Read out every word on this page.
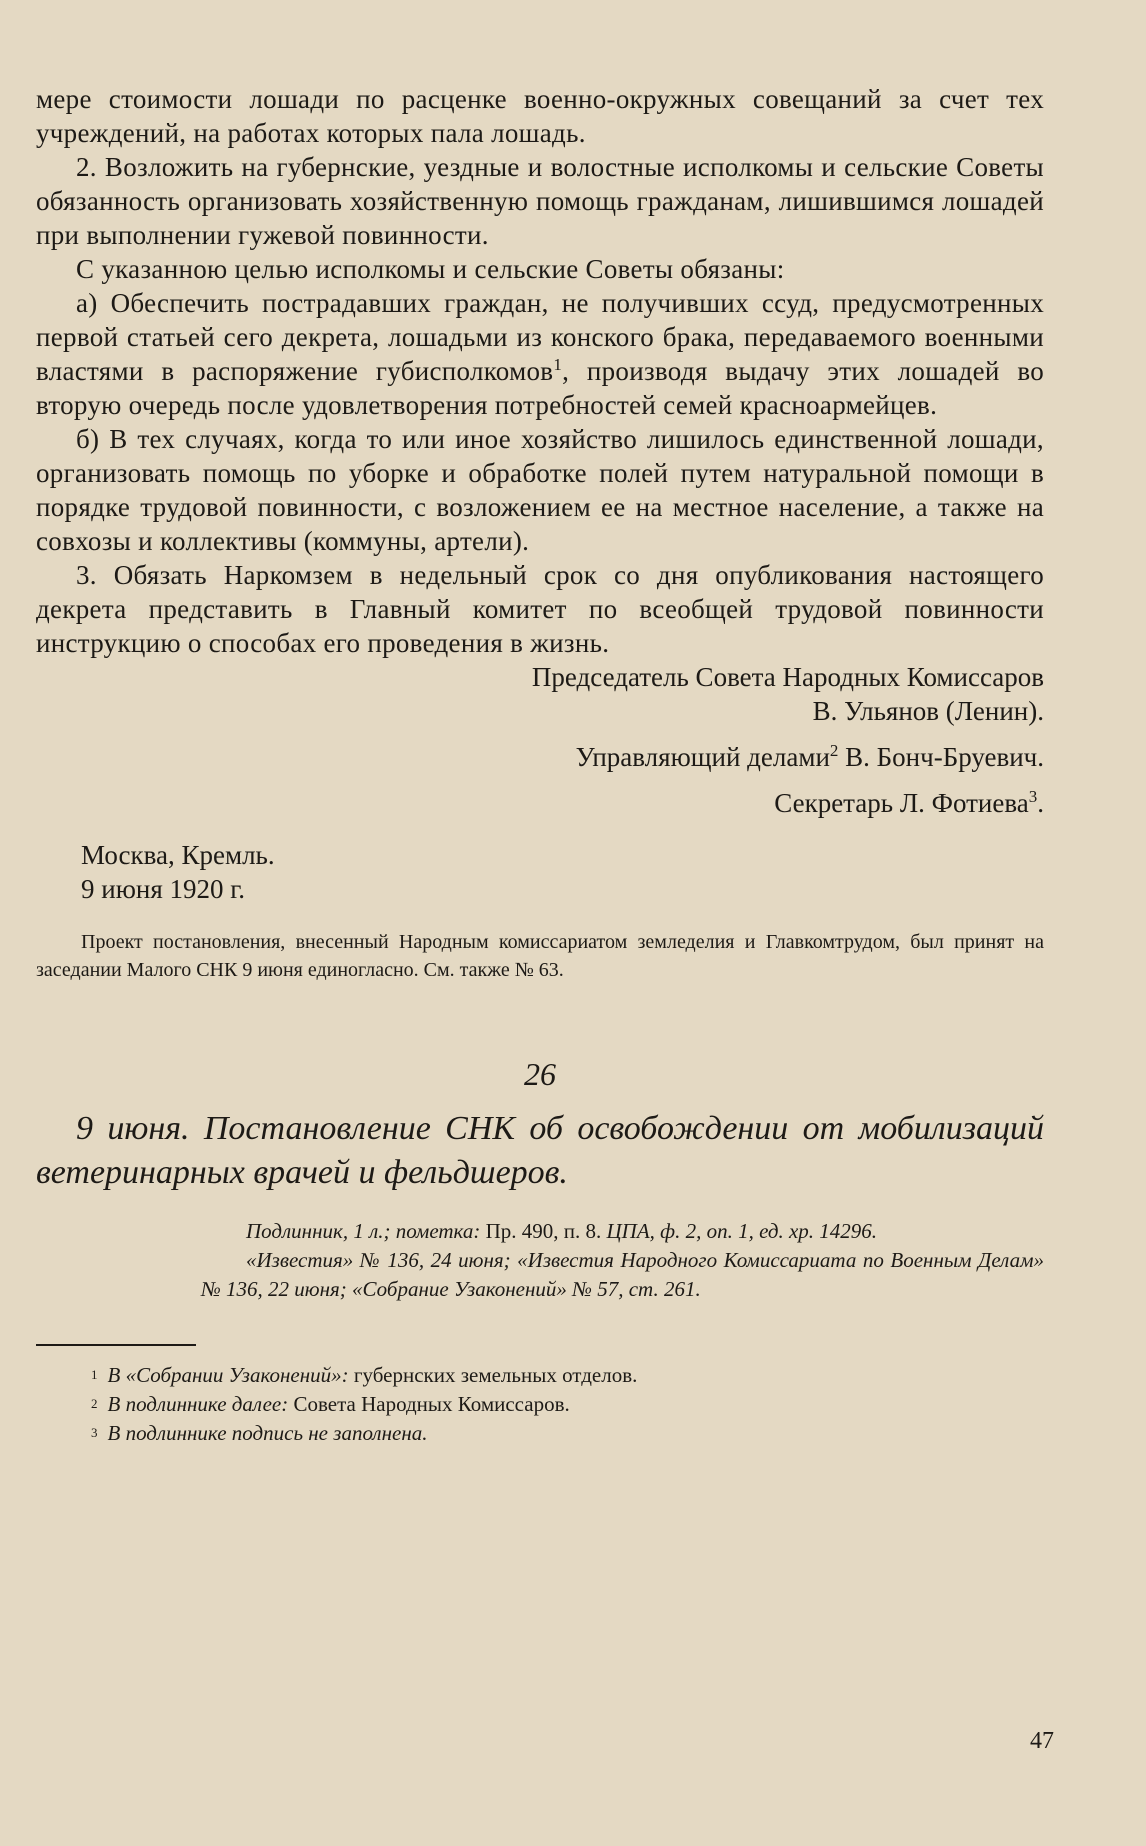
мере стоимости лошади по расценке военно-окружных совещаний за счет тех учреждений, на работах которых пала лошадь.

2. Возложить на губернские, уездные и волостные исполкомы и сельские Советы обязанность организовать хозяйственную помощь гражданам, лишившимся лошадей при выполнении гужевой повинности.

С указанною целью исполкомы и сельские Советы обязаны:

а) Обеспечить пострадавших граждан, не получивших ссуд, предусмотренных первой статьей сего декрета, лошадьми из конского брака, передаваемого военными властями в распоряжение губисполкомов$^1$, производя выдачу этих лошадей во вторую очередь после удовлетворения потребностей семей красноармейцев.

б) В тех случаях, когда то или иное хозяйство лишилось единственной лошади, организовать помощь по уборке и обработке полей путем натуральной помощи в порядке трудовой повинности, с возложением ее на местное население, а также на совхозы и коллективы (коммуны, артели).

3. Обязать Наркомзем в недельный срок со дня опубликования настоящего декрета представить в Главный комитет по всеобщей трудовой повинности инструкцию о способах его проведения в жизнь.

Председатель Совета Народных Комиссаров

В. Ульянов (Ленин).

Управляющий делами$^2$ В. Бонч-Бруевич.

Секретарь Л. Фотиева$^3$.

Москва, Кремль.

9 июня 1920 г.

Проект постановления, внесенный Народным комиссариатом земледелия и Главкомтрудом, был принят на заседании Малого СНК 9 июня единогласно. См. также № 63.

26

9 июня. Постановление СНК об освобождении от мобилизаций ветеринарных врачей и фельдшеров.

Подлинник, 1 л.; пометка: Пр. 490, п. 8. ЦПА, ф. 2, оп. 1, ед. хр. 14296.

«Известия» № 136, 24 июня; «Известия Народного Комиссариата по Военным Делам» № 136, 22 июня; «Собрание Узаконений» № 57, ст. 261.

$^1$ В «Собрании Узаконений»: губернских земельных отделов.

$^2$ В подлиннике далее: Совета Народных Комиссаров.

$^3$ В подлиннике подпись не заполнена.

47
